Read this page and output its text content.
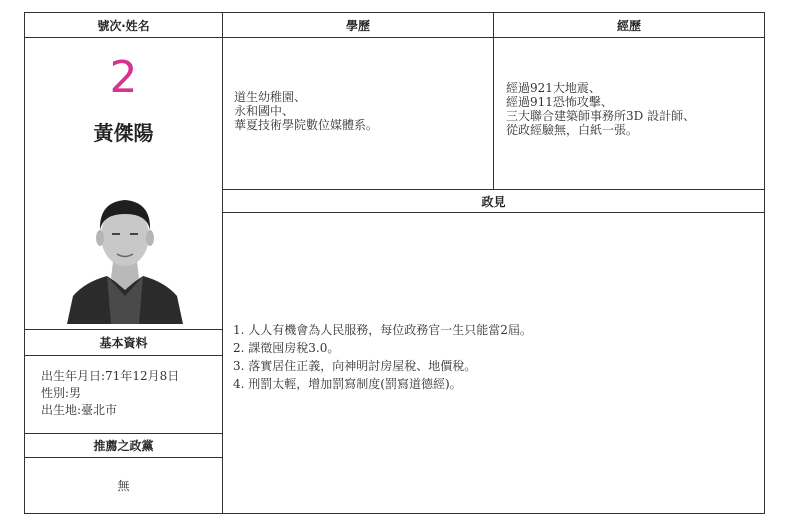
號次‧姓名	學歷	經歷
政見
基本資料
推薦之政黨
2
黃傑陽
道生幼稚園、
永和國中、
華夏技術學院數位媒體系。
經過921大地震、
經過911恐怖攻擊、
三大聯合建築師事務所3D 設計師、
從政經驗無，白紙一張。
出生年月日:71年12月8日
性別:男
出生地:臺北市
無
1. 人人有機會為人民服務，每位政務官一生只能當2屆。
2. 課徵囤房稅3.0。
3. 落實居住正義，向神明討房屋稅、地價稅。
4. 刑罰太輕，增加罰寫制度(罰寫道德經)。
